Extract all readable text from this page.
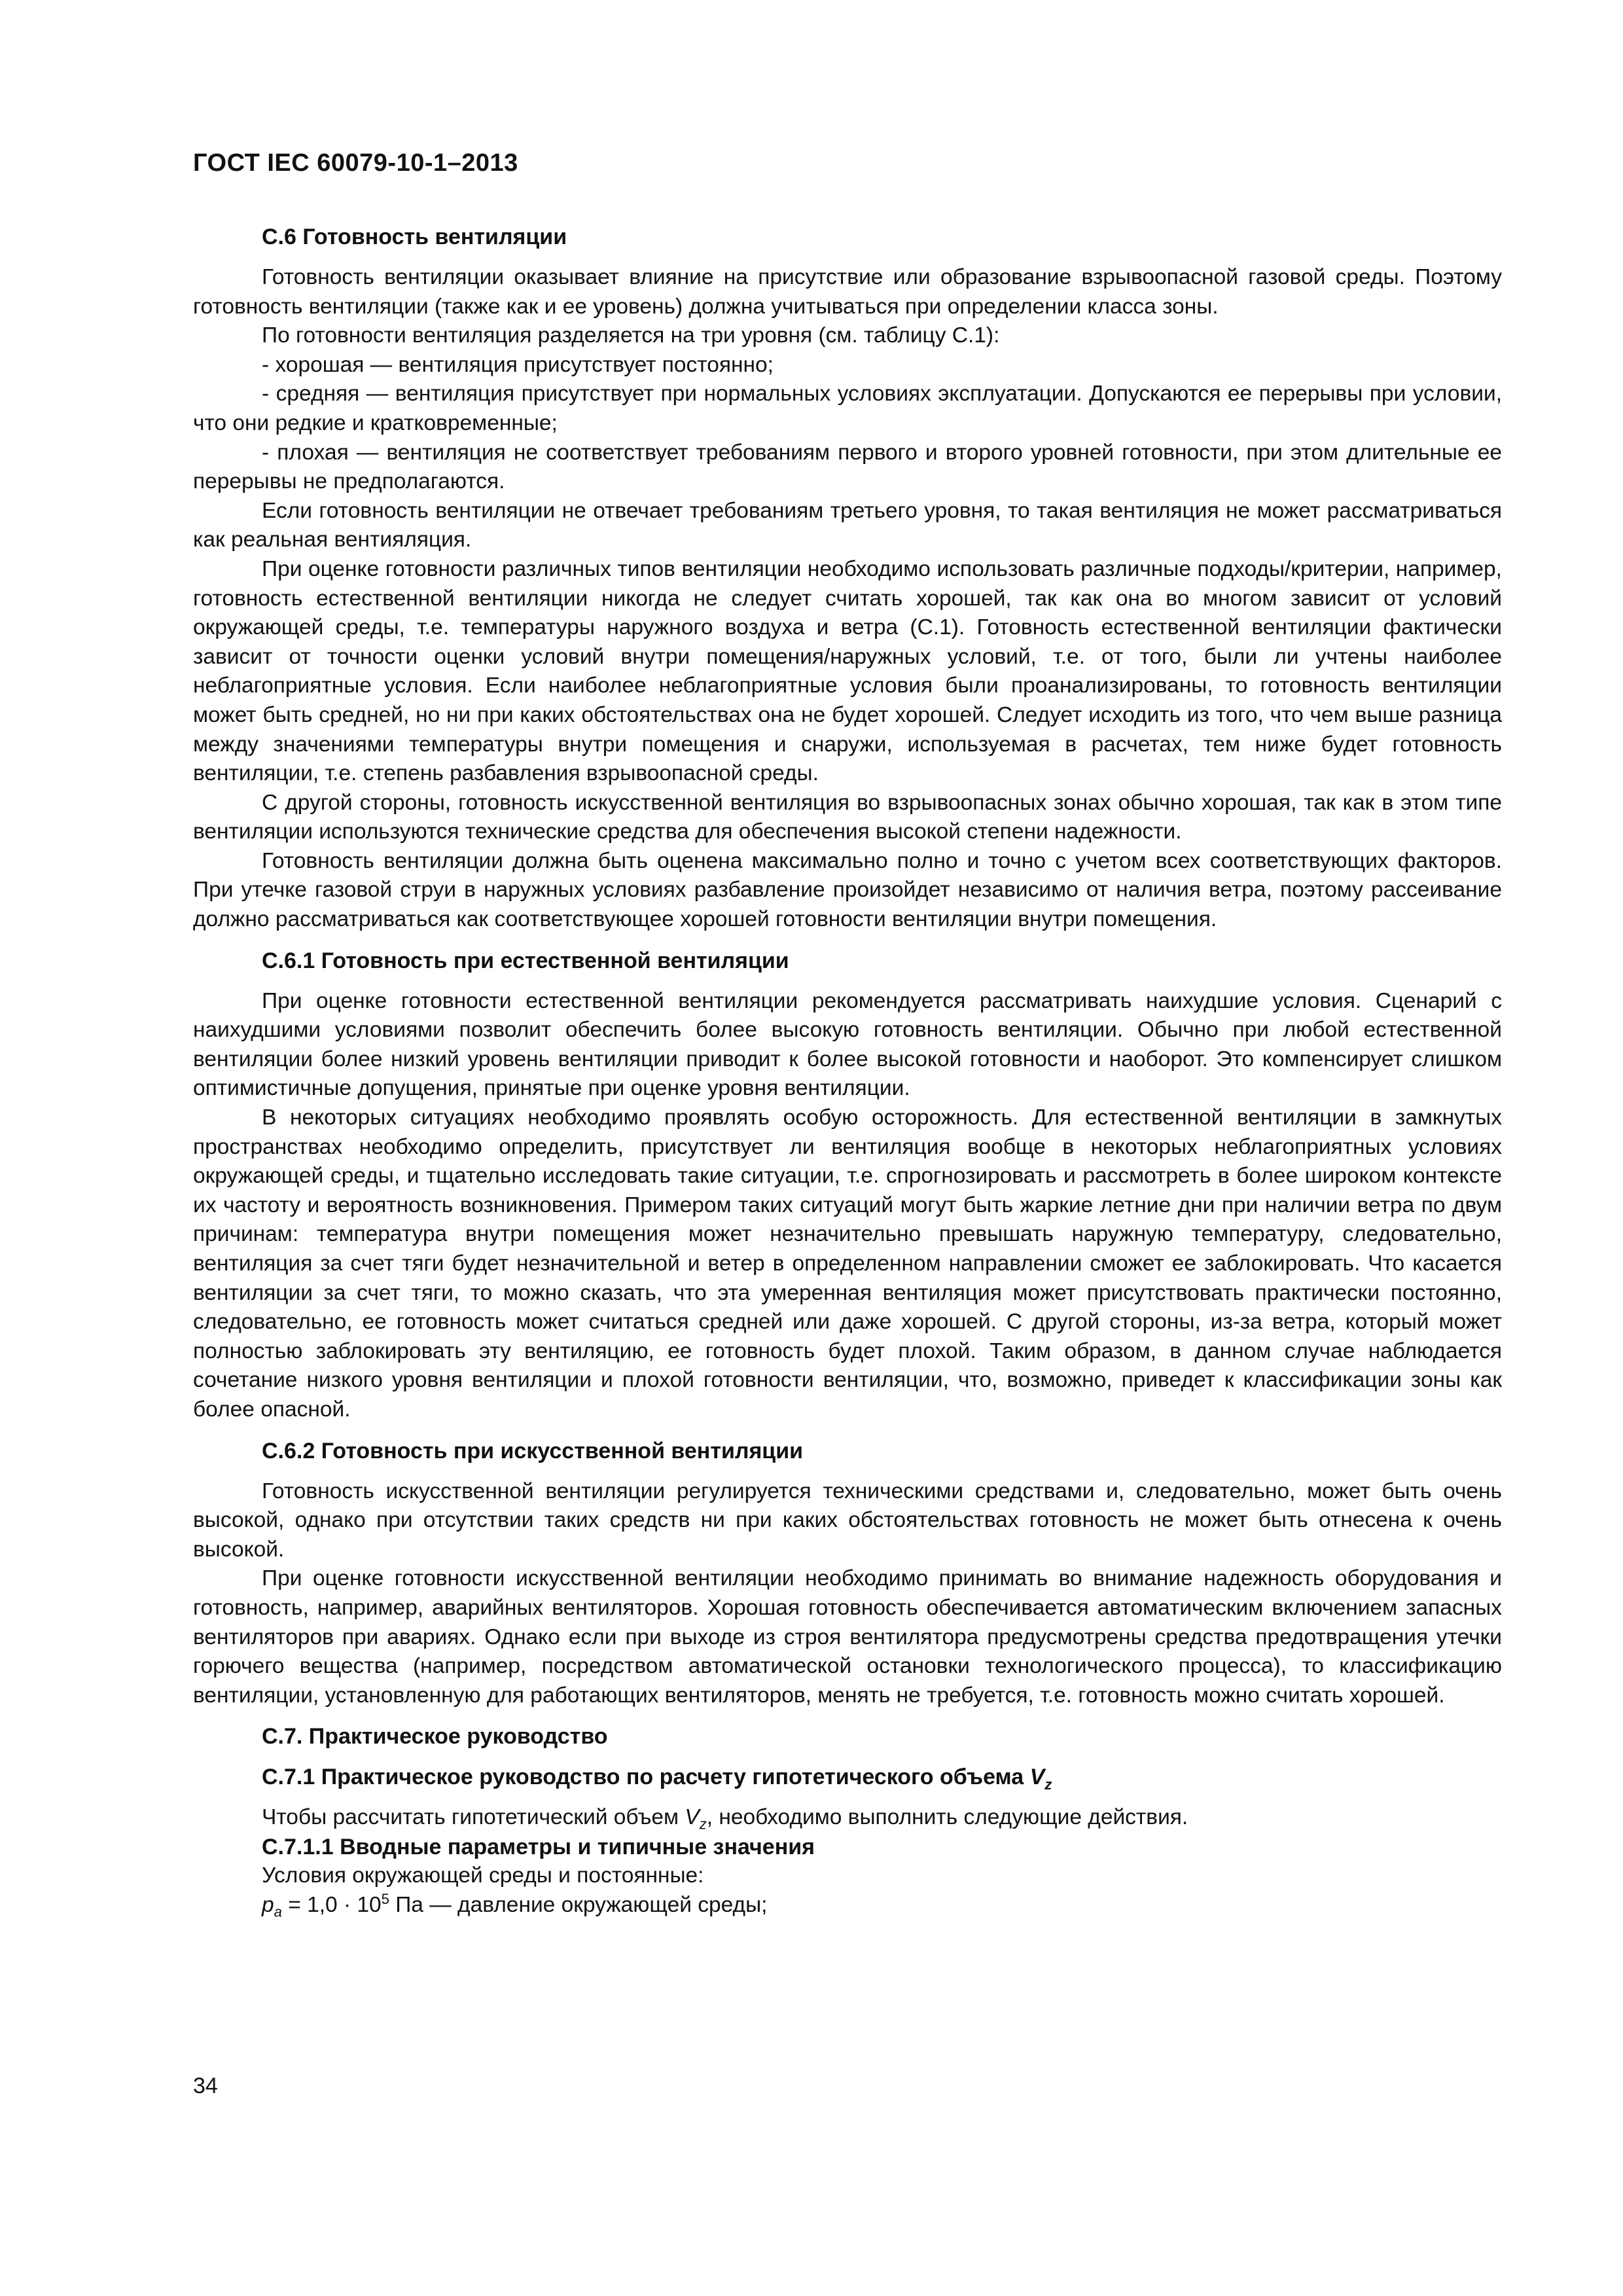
ГОСТ IEC 60079-10-1–2013
С.6 Готовность вентиляции

Готовность вентиляции оказывает влияние на присутствие или образование взрывоопасной газовой среды. Поэтому готовность вентиляции (также как и ее уровень) должна учитываться при определении класса зоны.

По готовности вентиляция разделяется на три уровня (см. таблицу С.1):

- хорошая — вентиляция присутствует постоянно;

- средняя — вентиляция присутствует при нормальных условиях эксплуатации. Допускаются ее перерывы при условии, что они редкие и кратковременные;

- плохая — вентиляция не соответствует требованиям первого и второго уровней готовности, при этом длительные ее перерывы не предполагаются.

Если готовность вентиляции не отвечает требованиям третьего уровня, то такая вентиляция не может рассматриваться как реальная вентияляция.

При оценке готовности различных типов вентиляции необходимо использовать различные подходы/критерии, например, готовность естественной вентиляции никогда не следует считать хорошей, так как она во многом зависит от условий окружающей среды, т.е. температуры наружного воздуха и ветра (С.1). Готовность естественной вентиляции фактически зависит от точности оценки условий внутри помещения/наружных условий, т.е. от того, были ли учтены наиболее неблагоприятные условия. Если наиболее неблагоприятные условия были проанализированы, то готовность вентиляции может быть средней, но ни при каких обстоятельствах она не будет хорошей. Следует исходить из того, что чем выше разница между значениями температуры внутри помещения и снаружи, используемая в расчетах, тем ниже будет готовность вентиляции, т.е. степень разбавления взрывоопасной среды.

С другой стороны, готовность искусственной вентиляция во взрывоопасных зонах обычно хорошая, так как в этом типе вентиляции используются технические средства для обеспечения высокой степени надежности.

Готовность вентиляции должна быть оценена максимально полно и точно с учетом всех соответствующих факторов. При утечке газовой струи в наружных условиях разбавление произойдет независимо от наличия ветра, поэтому рассеивание должно рассматриваться как соответствующее хорошей готовности вентиляции внутри помещения.

С.6.1 Готовность при естественной вентиляции

При оценке готовности естественной вентиляции рекомендуется рассматривать наихудшие условия. Сценарий с наихудшими условиями позволит обеспечить более высокую готовность вентиляции. Обычно при любой естественной вентиляции более низкий уровень вентиляции приводит к более высокой готовности и наоборот. Это компенсирует слишком оптимистичные допущения, принятые при оценке уровня вентиляции.

В некоторых ситуациях необходимо проявлять особую осторожность. Для естественной вентиляции в замкнутых пространствах необходимо определить, присутствует ли вентиляция вообще в некоторых неблагоприятных условиях окружающей среды, и тщательно исследовать такие ситуации, т.е. спрогнозировать и рассмотреть в более широком контексте их частоту и вероятность возникновения. Примером таких ситуаций могут быть жаркие летние дни при наличии ветра по двум причинам: температура внутри помещения может незначительно превышать наружную температуру, следовательно, вентиляция за счет тяги будет незначительной и ветер в определенном направлении сможет ее заблокировать. Что касается вентиляции за счет тяги, то можно сказать, что эта умеренная вентиляция может присутствовать практически постоянно, следовательно, ее готовность может считаться средней или даже хорошей. С другой стороны, из-за ветра, который может полностью заблокировать эту вентиляцию, ее готовность будет плохой. Таким образом, в данном случае наблюдается сочетание низкого уровня вентиляции и плохой готовности вентиляции, что, возможно, приведет к классификации зоны как более опасной.

С.6.2 Готовность при искусственной вентиляции

Готовность искусственной вентиляции регулируется техническими средствами и, следовательно, может быть очень высокой, однако при отсутствии таких средств ни при каких обстоятельствах готовность не может быть отнесена к очень высокой.

При оценке готовности искусственной вентиляции необходимо принимать во внимание надежность оборудования и готовность, например, аварийных вентиляторов. Хорошая готовность обеспечивается автоматическим включением запасных вентиляторов при авариях. Однако если при выходе из строя вентилятора предусмотрены средства предотвращения утечки горючего вещества (например, посредством автоматической остановки технологического процесса), то классификацию вентиляции, установленную для работающих вентиляторов, менять не требуется, т.е. готовность можно считать хорошей.

С.7. Практическое руководство
С.7.1 Практическое руководство по расчету гипотетического объема $V_z$

Чтобы рассчитать гипотетический объем $V_z$, необходимо выполнить следующие действия.

С.7.1.1 Вводные параметры и типичные значения

Условия окружающей среды и постоянные:

$p_a = 1,0 \cdot 10^5$ Па — давление окружающей среды;

34
